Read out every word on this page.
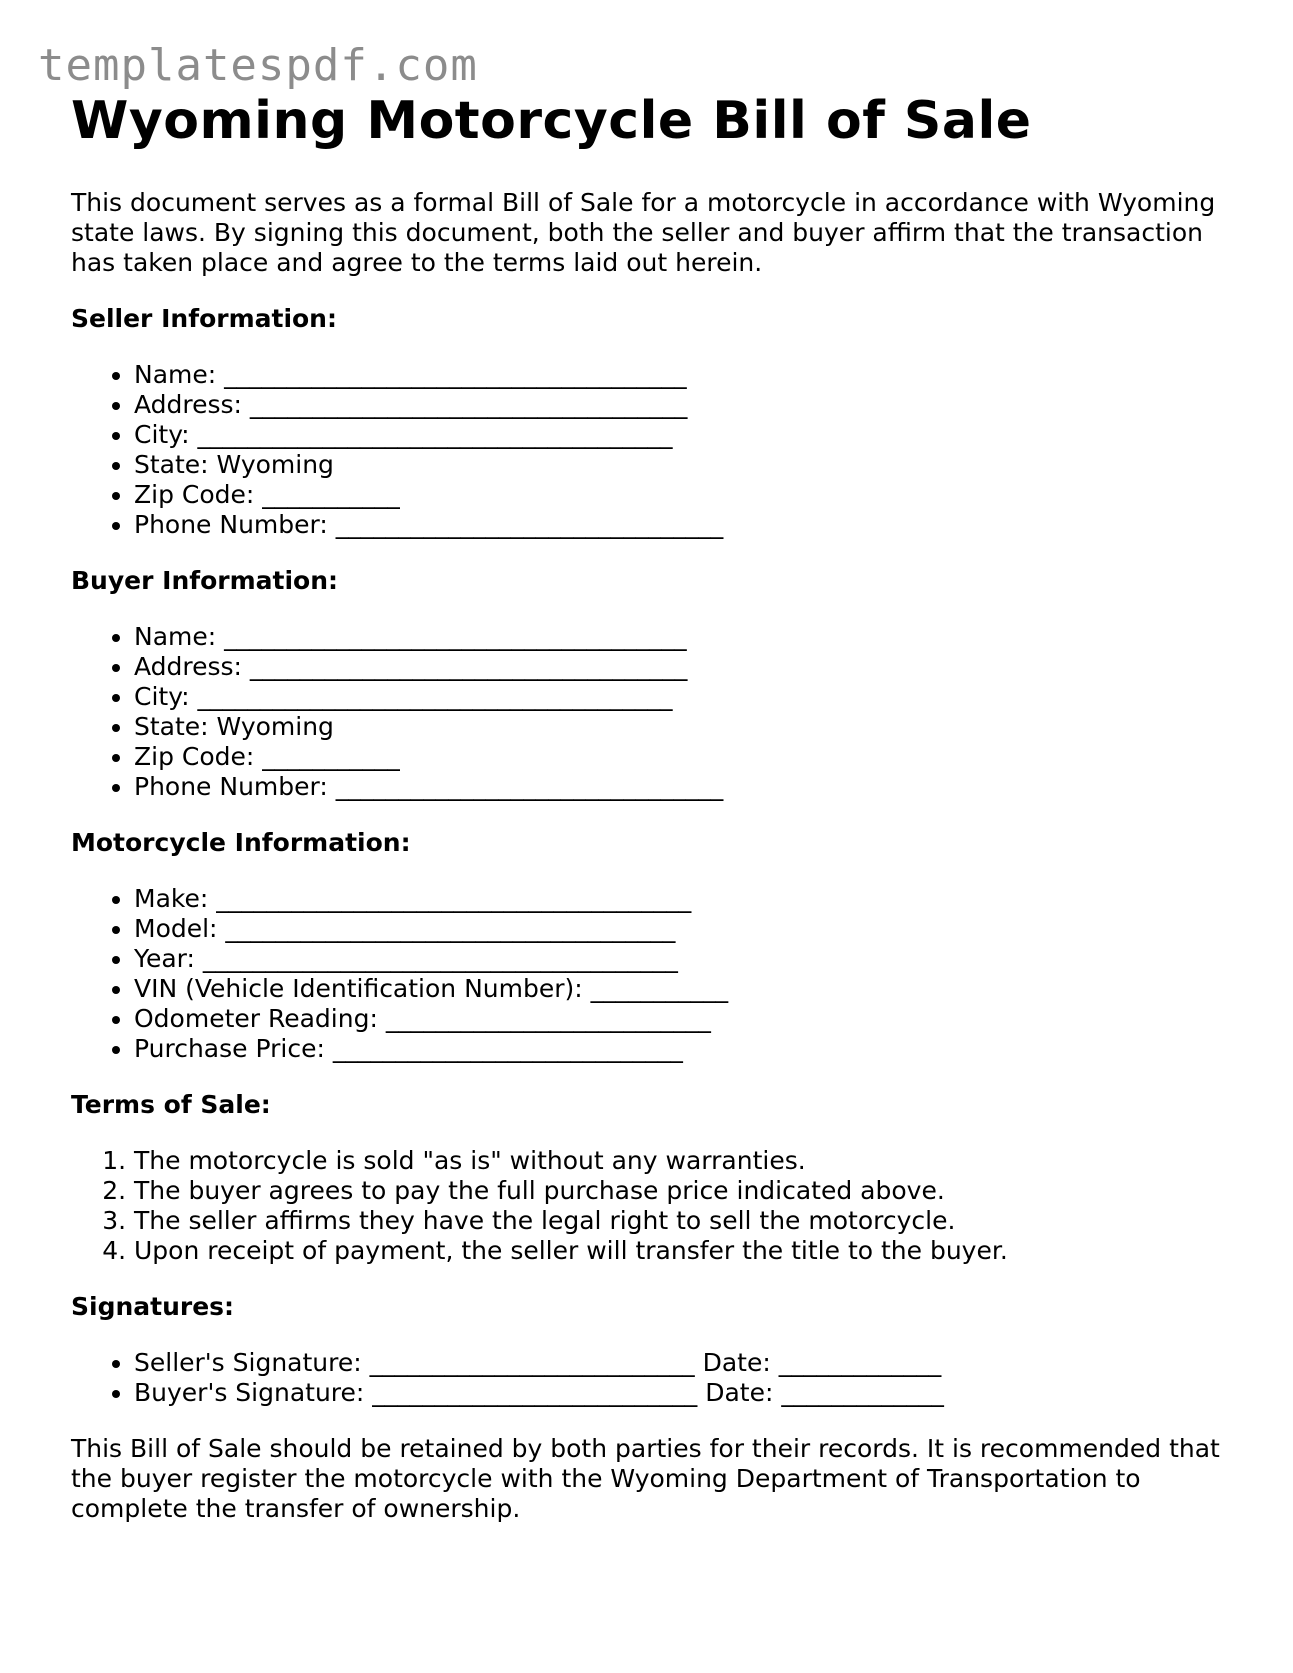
templatespdf.com
Wyoming Motorcycle Bill of Sale

This document serves as a formal Bill of Sale for a motorcycle in accordance with Wyoming state laws. By signing this document, both the seller and buyer affirm that the transaction has taken place and agree to the terms laid out herein.

Seller Information:
• Name: _____________________________________
• Address: ___________________________________
• City: ______________________________________
• State: Wyoming
• Zip Code: ___________
• Phone Number: _______________________________
Buyer Information:
• Name: _____________________________________
• Address: ___________________________________
• City: ______________________________________
• State: Wyoming
• Zip Code: ___________
• Phone Number: _______________________________
Motorcycle Information:
• Make: ______________________________________
• Model: ____________________________________
• Year: ______________________________________
• VIN (Vehicle Identification Number): ___________
• Odometer Reading: __________________________
• Purchase Price: ____________________________
Terms of Sale:
1. The motorcycle is sold "as is" without any warranties.
2. The buyer agrees to pay the full purchase price indicated above.
3. The seller affirms they have the legal right to sell the motorcycle.
4. Upon receipt of payment, the seller will transfer the title to the buyer.
Signatures:
• Seller's Signature: __________________________ Date: _____________
• Buyer's Signature: __________________________ Date: _____________

This Bill of Sale should be retained by both parties for their records. It is recommended that the buyer register the motorcycle with the Wyoming Department of Transportation to complete the transfer of ownership.
